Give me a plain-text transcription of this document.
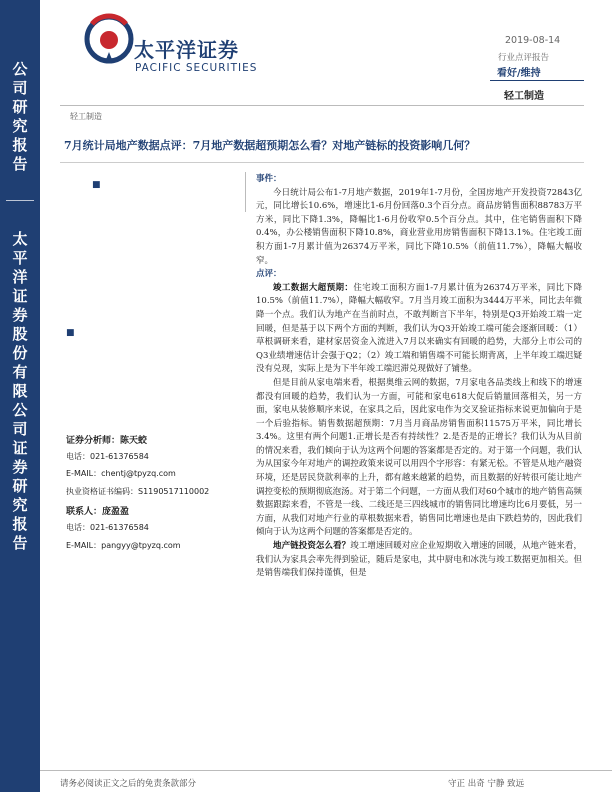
公
司
研
究
报
告
太
平
洋
证
券
股
份
有
限
公
司
证
券
研
究
报
告
太平洋证券
PACIFIC SECURITIES
2019-08-14
行业点评报告
看好/维持
轻工制造
轻工制造
7月统计局地产数据点评：7月地产数据超预期怎么看？对地产链标的投资影响几何？
■
■
证券分析师：陈天蛟
电话：021-61376584
E-MAIL：chentj@tpyzq.com
执业资格证书编码：S1190517110002
联系人：庞盈盈
电话：021-61376584
E-MAIL：pangyy@tpyzq.com

事件：

今日统计局公布1-7月地产数据，2019年1-7月份，全国房地产开发投资72843亿元，同比增长10.6%，增速比1-6月份回落0.3个百分点。商品房销售面积88783万平方米，同比下降1.3%，降幅比1-6月份收窄0.5个百分点。其中，住宅销售面积下降0.4%，办公楼销售面积下降10.8%，商业营业用房销售面积下降13.1%。住宅竣工面积方面1-7月累计值为26374万平米，同比下降10.5%（前值11.7%），降幅大幅收窄。

点评：

竣工数据大超预期：住宅竣工面积方面1-7月累计值为26374万平米，同比下降10.5%（前值11.7%），降幅大幅收窄。7月当月竣工面积为3444万平米，同比去年微降一个点。我们认为地产在当前时点，不敢判断言下半年，特别是Q3开始竣工端一定回暖，但是基于以下两个方面的判断，我们认为Q3开始竣工端可能会逐渐回暖：（1）草根调研来看，建材家居资金入流进入7月以来确实有回暖的趋势，大部分上市公司的Q3业绩增速估计会强于Q2；（2）竣工端和销售端不可能长期背离，上半年竣工端迟疑没有兑现，实际上是为下半年竣工端迟滞兑现做好了铺垫。

但是目前从家电端来看，根据奥维云网的数据，7月家电各品类线上和线下的增速都没有回暖的趋势，我们认为一方面，可能和家电618大促后销量回落相关，另一方面，家电从装修顺序来说，在家具之后，因此家电作为交叉验证指标来说更加偏向于是一个后验指标。销售数据超预期：7月当月商品房销售面积11575万平米，同比增长3.4%。这里有两个问题1.正增长是否有持续性？2.是否是的正增长？我们认为从目前的情况来看，我们倾向于认为这两个问题的答案都是否定的。对于第一个问题，我们认为从国家今年对地产的调控政策来说可以用四个字形容：有紧无松。不管是从地产融资环境，还是居民贷款利率的上升，都有越来越紧的趋势，而且数据的好转很可能让地产调控变松的预期彻底泡汤。对于第二个问题，一方面从我们对60个城市的地产销售高频数据跟踪来看，不管是一线、二线还是三四线城市的销售同比增速均比6月要低，另一方面，从我们对地产行业的草根数据来看，销售同比增速也是由下跌趋势的，因此我们倾向于认为这两个问题的答案都是否定的。

地产链投资怎么看？竣工增速回暖对应企业短期收入增速的回暖，从地产链来看，我们认为家具会率先得到验证，随后是家电，其中厨电和冰洗与竣工数据更加相关。但是销售端我们保持谨慎，但是

请务必阅读正文之后的免责条款部分	守正 出奇 宁静 致远
